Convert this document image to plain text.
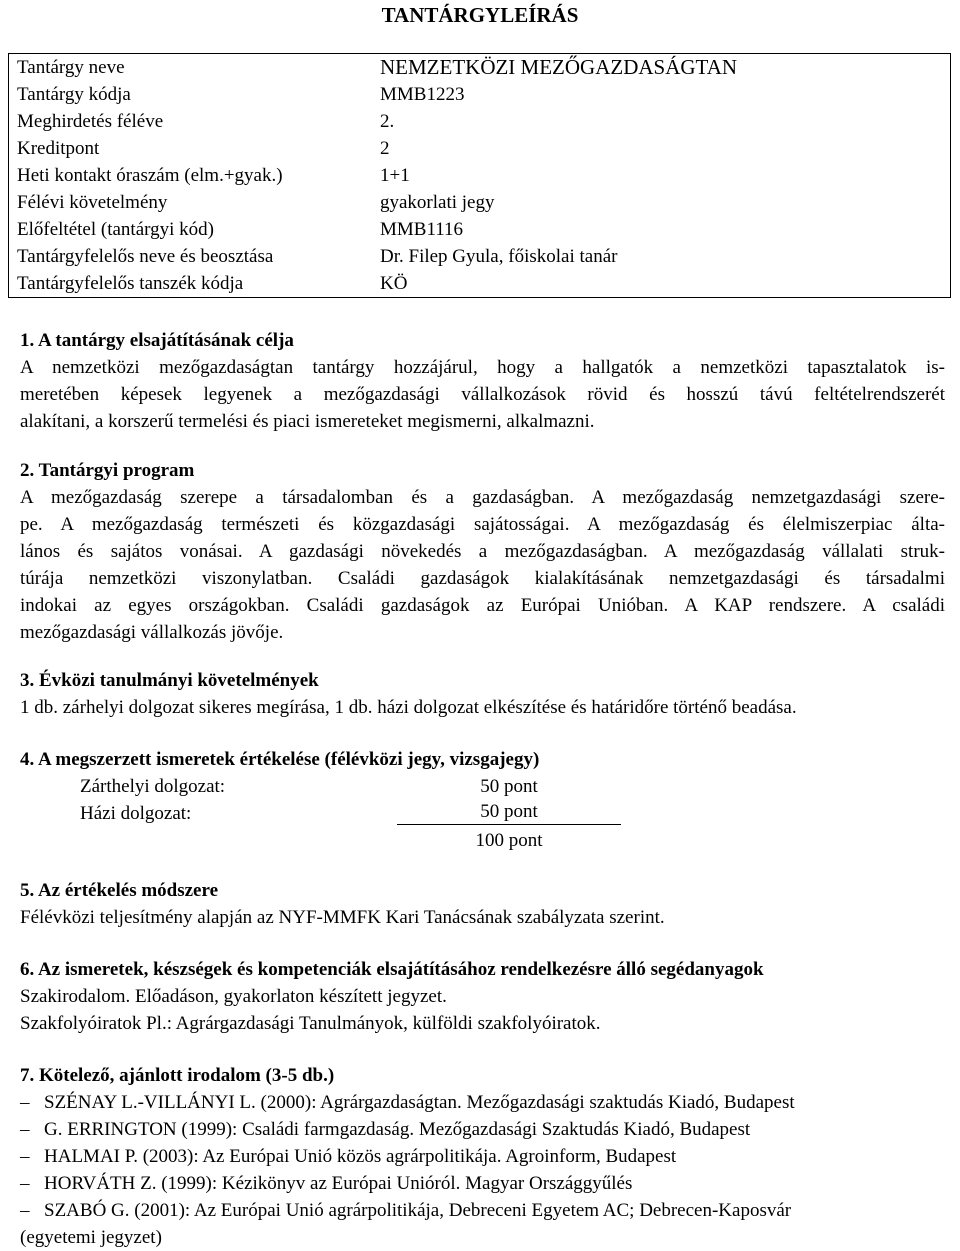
TANTÁRGYLEÍRÁS
Tantárgy neve	NEMZETKÖZI MEZŐGAZDASÁGTAN
Tantárgy kódja	MMB1223
Meghirdetés féléve	2.
Kreditpont	2
Heti kontakt óraszám (elm.+gyak.)	1+1
Félévi követelmény	gyakorlati jegy
Előfeltétel (tantárgyi kód)	MMB1116
Tantárgyfelelős neve és beosztása	Dr. Filep Gyula, főiskolai tanár
Tantárgyfelelős tanszék kódja	KÖ
1. A tantárgy elsajátításának célja
A nemzetközi mezőgazdaságtan tantárgy hozzájárul, hogy a hallgatók a nemzetközi tapasztalatok is-
meretében képesek legyenek a mezőgazdasági vállalkozások rövid és hosszú távú feltételrendszerét
alakítani, a korszerű termelési és piaci ismereteket megismerni, alkalmazni.
2. Tantárgyi program
A mezőgazdaság szerepe a társadalomban és a gazdaságban. A mezőgazdaság nemzetgazdasági szere-
pe. A mezőgazdaság természeti és közgazdasági sajátosságai. A mezőgazdaság és élelmiszerpiac álta-
lános és sajátos vonásai. A gazdasági növekedés a mezőgazdaságban. A mezőgazdaság vállalati struk-
túrája nemzetközi viszonylatban. Családi gazdaságok kialakításának nemzetgazdasági és társadalmi
indokai az egyes országokban. Családi gazdaságok az Európai Unióban. A KAP rendszere. A családi
mezőgazdasági vállalkozás jövője.
3. Évközi tanulmányi követelmények
1 db. zárhelyi dolgozat sikeres megírása, 1 db. házi dolgozat elkészítése és határidőre történő beadása.
4. A megszerzett ismeretek értékelése (félévközi jegy, vizsgajegy)
Zárthelyi dolgozat:	50 pont
Házi dolgozat:	50 pont
100 pont
5. Az értékelés módszere
Félévközi teljesítmény alapján az NYF-MMFK Kari Tanácsának szabályzata szerint.
6. Az ismeretek, készségek és kompetenciák elsajátításához rendelkezésre álló segédanyagok
Szakirodalom. Előadáson, gyakorlaton készített jegyzet.
Szakfolyóiratok Pl.: Agrárgazdasági Tanulmányok, külföldi szakfolyóiratok.
7. Kötelező, ajánlott irodalom (3-5 db.)
– SZÉNAY L.-VILLÁNYI L. (2000): Agrárgazdaságtan. Mezőgazdasági szaktudás Kiadó, Budapest
– G. ERRINGTON (1999): Családi farmgazdaság. Mezőgazdasági Szaktudás Kiadó, Budapest
– HALMAI P. (2003): Az Európai Unió közös agrárpolitikája. Agroinform, Budapest
– HORVÁTH Z. (1999): Kézikönyv az Európai Unióról. Magyar Országgyűlés
– SZABÓ G. (2001): Az Európai Unió agrárpolitikája, Debreceni Egyetem AC; Debrecen-Kaposvár
(egyetemi jegyzet)
